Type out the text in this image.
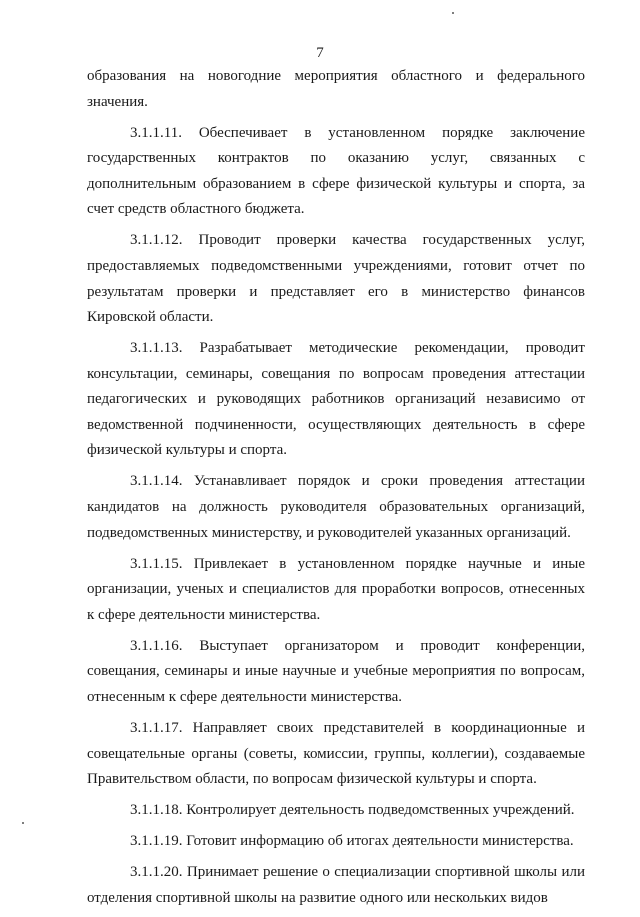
7

образования на новогодние мероприятия областного и федерального значения.

3.1.1.11. Обеспечивает в установленном порядке заключение государственных контрактов по оказанию услуг, связанных с дополнительным образованием в сфере физической культуры и спорта, за счет средств областного бюджета.

3.1.1.12. Проводит проверки качества государственных услуг, предоставляемых подведомственными учреждениями, готовит отчет по результатам проверки и представляет его в министерство финансов Кировской области.

3.1.1.13. Разрабатывает методические рекомендации, проводит консультации, семинары, совещания по вопросам проведения аттестации педагогических и руководящих работников организаций независимо от ведомственной подчиненности, осуществляющих деятельность в сфере физической культуры и спорта.

3.1.1.14. Устанавливает порядок и сроки проведения аттестации кандидатов на должность руководителя образовательных организаций, подведомственных министерству, и руководителей указанных организаций.

3.1.1.15. Привлекает в установленном порядке научные и иные организации, ученых и специалистов для проработки вопросов, отнесенных к сфере деятельности министерства.

3.1.1.16. Выступает организатором и проводит конференции, совещания, семинары и иные научные и учебные мероприятия по вопросам, отнесенным к сфере деятельности министерства.

3.1.1.17. Направляет своих представителей в координационные и совещательные органы (советы, комиссии, группы, коллегии), создаваемые Правительством области, по вопросам физической культуры и спорта.

3.1.1.18. Контролирует деятельность подведомственных учреждений.

3.1.1.19. Готовит информацию об итогах деятельности министерства.

3.1.1.20. Принимает решение о специализации спортивной школы или отделения спортивной школы на развитие одного или нескольких видов
